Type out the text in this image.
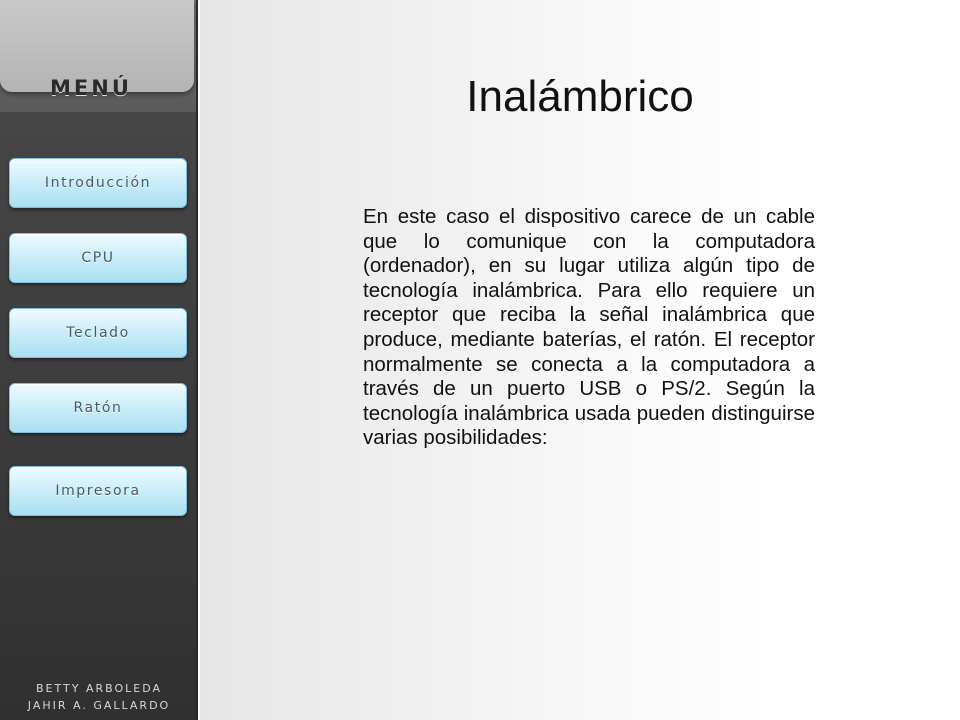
MENÚ
Introducción
CPU
Teclado
Ratón
Impresora
BETTY ARBOLEDA
JAHIR A. GALLARDO
Inalámbrico

En este caso el dispositivo carece de un cable que lo comunique con la computadora (ordenador), en su lugar utiliza algún tipo de tecnología inalámbrica. Para ello requiere un receptor que reciba la señal inalámbrica que produce, mediante baterías, el ratón. El receptor normalmente se conecta a la computadora a través de un puerto USB o PS/2. Según la tecnología inalámbrica usada pueden distinguirse varias posibilidades:
